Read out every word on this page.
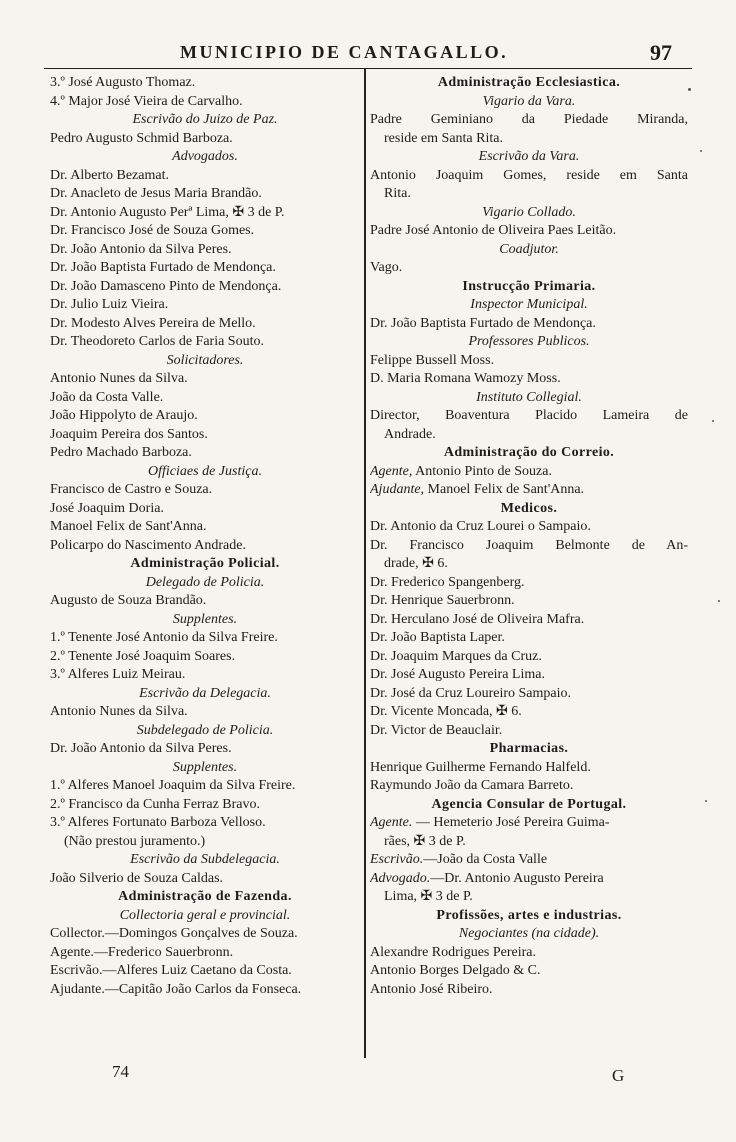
MUNICIPIO DE CANTAGALLO.	97
3.º José Augusto Thomaz.
4.º Major José Vieira de Carvalho.
Escrivão do Juizo de Paz.
Pedro Augusto Schmid Barboza.
Advogados.
Dr. Alberto Bezamat.
Dr. Anacleto de Jesus Maria Brandão.
Dr. Antonio Augusto Perª Lima, ✠ 3 de P.
Dr. Francisco José de Souza Gomes.
Dr. João Antonio da Silva Peres.
Dr. João Baptista Furtado de Mendonça.
Dr. João Damasceno Pinto de Mendonça.
Dr. Julio Luiz Vieira.
Dr. Modesto Alves Pereira de Mello.
Dr. Theodoreto Carlos de Faria Souto.
Solicitadores.
Antonio Nunes da Silva.
João da Costa Valle.
João Hippolyto de Araujo.
Joaquim Pereira dos Santos.
Pedro Machado Barboza.
Officiaes de Justiça.
Francisco de Castro e Souza.
José Joaquim Doria.
Manoel Felix de Sant'Anna.
Policarpo do Nascimento Andrade.
Administração Policial.
Delegado de Policia.
Augusto de Souza Brandão.
Supplentes.
1.º Tenente José Antonio da Silva Freire.
2.º Tenente José Joaquim Soares.
3.º Alferes Luiz Meirau.
Escrivão da Delegacia.
Antonio Nunes da Silva.
Subdelegado de Policia.
Dr. João Antonio da Silva Peres.
Supplentes.
1.º Alferes Manoel Joaquim da Silva Freire.
2.º Francisco da Cunha Ferraz Bravo.
3.º Alferes Fortunato Barboza Velloso.
(Não prestou juramento.)
Escrivão da Subdelegacia.
João Silverio de Souza Caldas.
Administração de Fazenda.
Collectoria geral e provincial.
Collector.—Domingos Gonçalves de Souza.
Agente.—Frederico Sauerbronn.
Escrivão.—Alferes Luiz Caetano da Costa.
Ajudante.—Capitão João Carlos da Fonseca.
Administração Ecclesiastica.
Vigario da Vara.
Padre Geminiano da Piedade Miranda,
reside em Santa Rita.
Escrivão da Vara.
Antonio Joaquim Gomes, reside em Santa
Rita.
Vigario Collado.
Padre José Antonio de Oliveira Paes Leitão.
Coadjutor.
Vago.
Instrucção Primaria.
Inspector Municipal.
Dr. João Baptista Furtado de Mendonça.
Professores Publicos.
Felippe Bussell Moss.
D. Maria Romana Wamozy Moss.
Instituto Collegial.
Director, Boaventura Placido Lameira de
Andrade.
Administração do Correio.
Agente, Antonio Pinto de Souza.
Ajudante, Manoel Felix de Sant'Anna.
Medicos.
Dr. Antonio da Cruz Lourei o Sampaio.
Dr. Francisco Joaquim Belmonte de An-
drade, ✠ 6.
Dr. Frederico Spangenberg.
Dr. Henrique Sauerbronn.
Dr. Herculano José de Oliveira Mafra.
Dr. João Baptista Laper.
Dr. Joaquim Marques da Cruz.
Dr. José Augusto Pereira Lima.
Dr. José da Cruz Loureiro Sampaio.
Dr. Vicente Moncada, ✠ 6.
Dr. Victor de Beauclair.
Pharmacias.
Henrique Guilherme Fernando Halfeld.
Raymundo João da Camara Barreto.
Agencia Consular de Portugal.
Agente. — Hemeterio José Pereira Guima-
rães, ✠ 3 de P.
Escrivão.—João da Costa Valle
Advogado.—Dr. Antonio Augusto Pereira
Lima, ✠ 3 de P.
Profissões, artes e industrias.
Negociantes (na cidade).
Alexandre Rodrigues Pereira.
Antonio Borges Delgado & C.
Antonio José Ribeiro.
74	G
